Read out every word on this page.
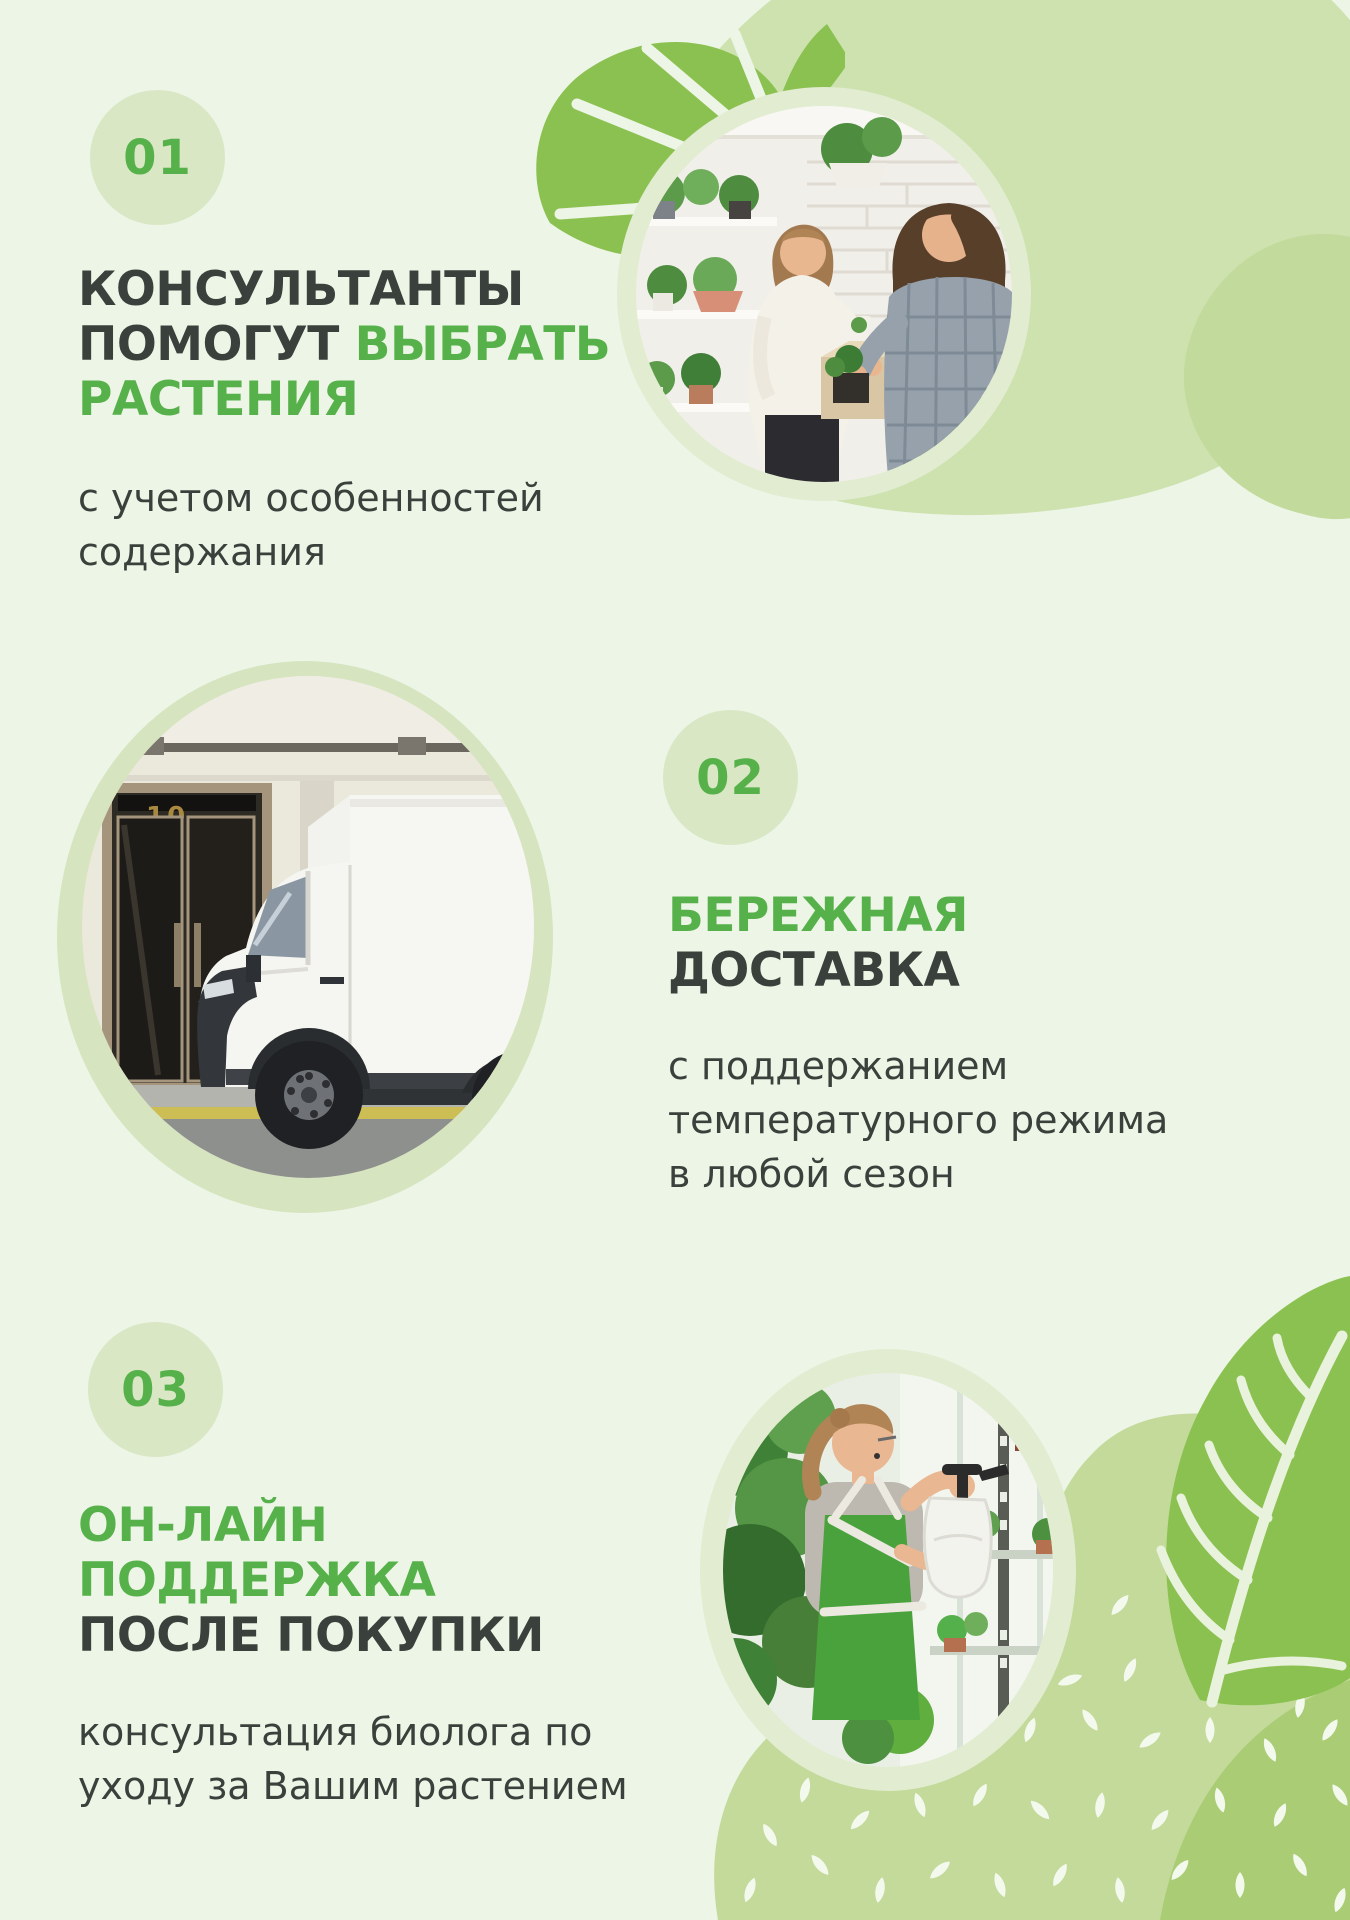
01
КОНСУЛЬТАНТЫ
ПОМОГУТ ВЫБРАТЬ
РАСТЕНИЯ
с учетом особенностей
содержания
02
БЕРЕЖНАЯ
ДОСТАВКА
с поддержанием
температурного режима
в любой сезон
03
ОН-ЛАЙН
ПОДДЕРЖКА
ПОСЛЕ ПОКУПКИ
консультация биолога по
уходу за Вашим растением
